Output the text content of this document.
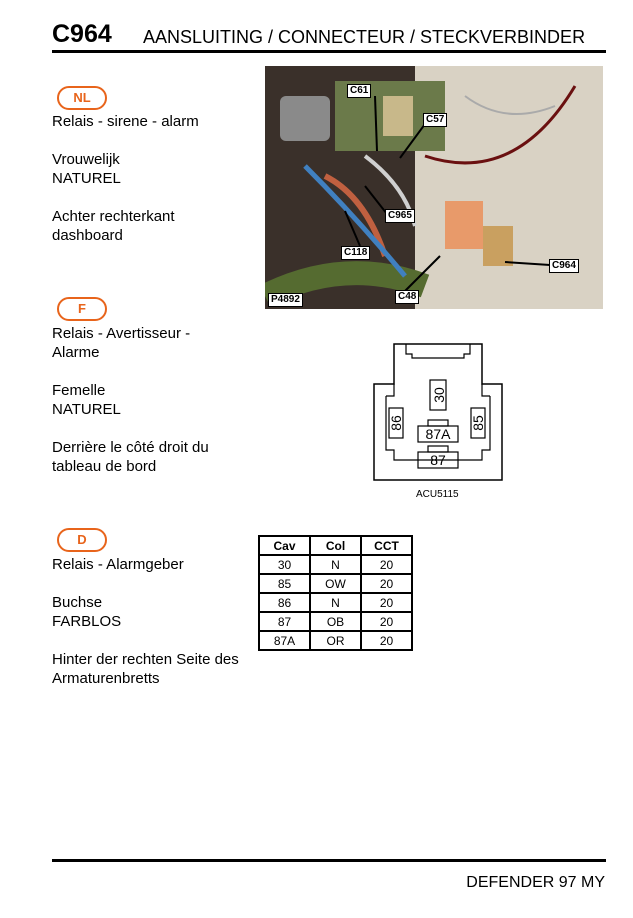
C964 AANSLUITING / CONNECTEUR / STECKVERBINDER
NL
Relais - sirene - alarm

Vrouwelijk
NATUREL

Achter rechterkant
dashboard
F
Relais - Avertisseur -
Alarme

Femelle
NATUREL

Derrière le côté droit du
tableau de bord
D
Relais - Alarmgeber

Buchse
FARBLOS

Hinter der rechten Seite des
Armaturenbretts
C61
C57
C965
C118
C964
C48
P4892
30
86	85
87A
87
ACU5115
Cav	Col	CCT
30	N	20
85	OW	20
86	N	20
87	OB	20
87A	OR	20
DEFENDER 97 MY
